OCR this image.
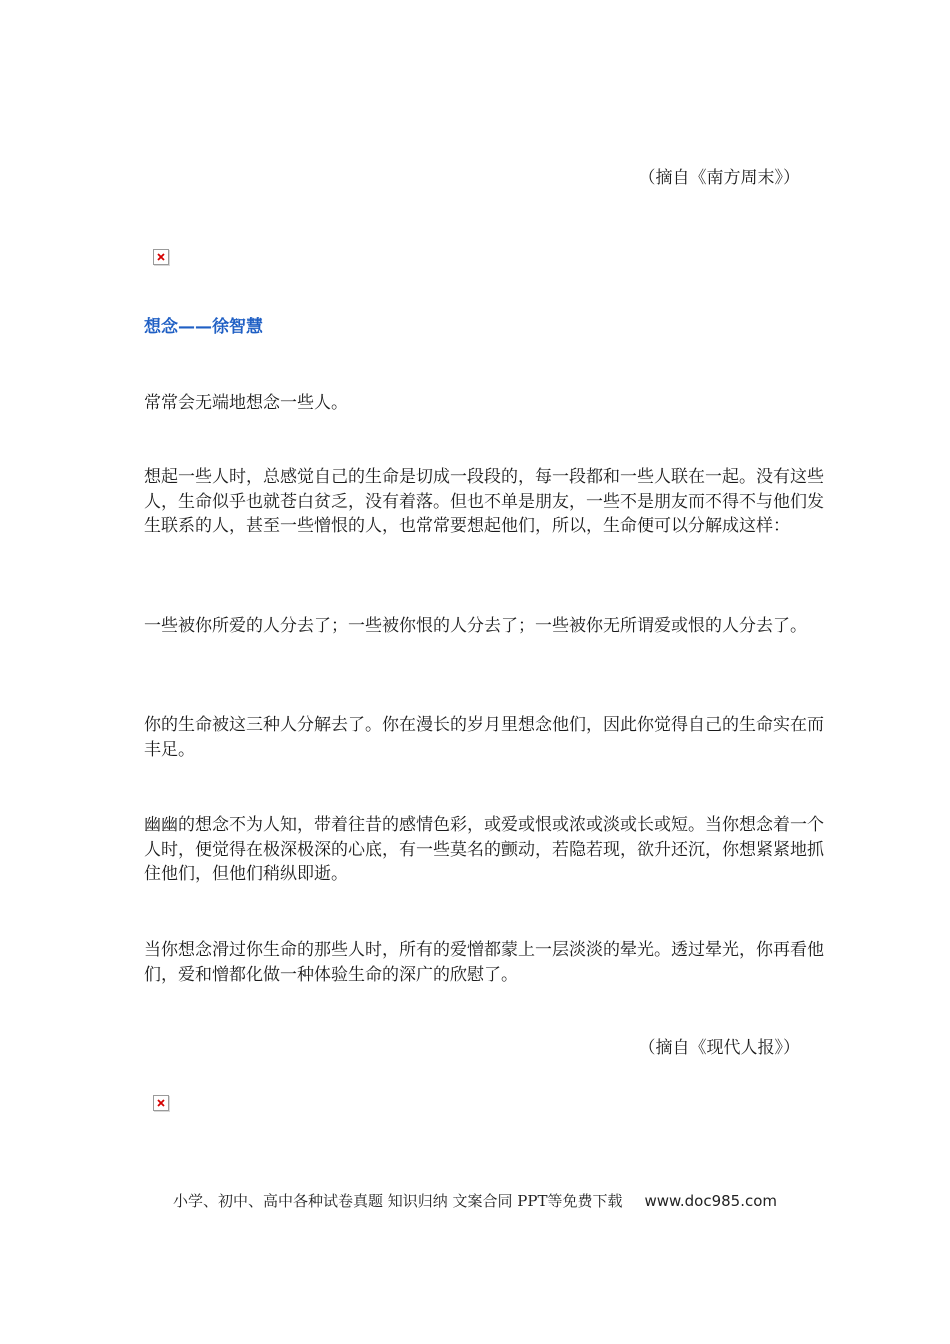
（摘自《南方周末》）
想念——徐智慧

常常会无端地想念一些人。

想起一些人时，总感觉自己的生命是切成一段段的，每一段都和一些人联在一起。没有这些人，生命似乎也就苍白贫乏，没有着落。但也不单是朋友，一些不是朋友而不得不与他们发生联系的人，甚至一些憎恨的人，也常常要想起他们，所以，生命便可以分解成这样：

一些被你所爱的人分去了；一些被你恨的人分去了；一些被你无所谓爱或恨的人分去了。

你的生命被这三种人分解去了。你在漫长的岁月里想念他们，因此你觉得自己的生命实在而丰足。

幽幽的想念不为人知，带着往昔的感情色彩，或爱或恨或浓或淡或长或短。当你想念着一个人时，便觉得在极深极深的心底，有一些莫名的颤动，若隐若现，欲升还沉，你想紧紧地抓住他们，但他们稍纵即逝。

当你想念滑过你生命的那些人时，所有的爱憎都蒙上一层淡淡的晕光。透过晕光，你再看他们，爱和憎都化做一种体验生命的深广的欣慰了。

（摘自《现代人报》）
小学、初中、高中各种试卷真题 知识归纳 文案合同 PPT等免费下载 www.doc985.com
